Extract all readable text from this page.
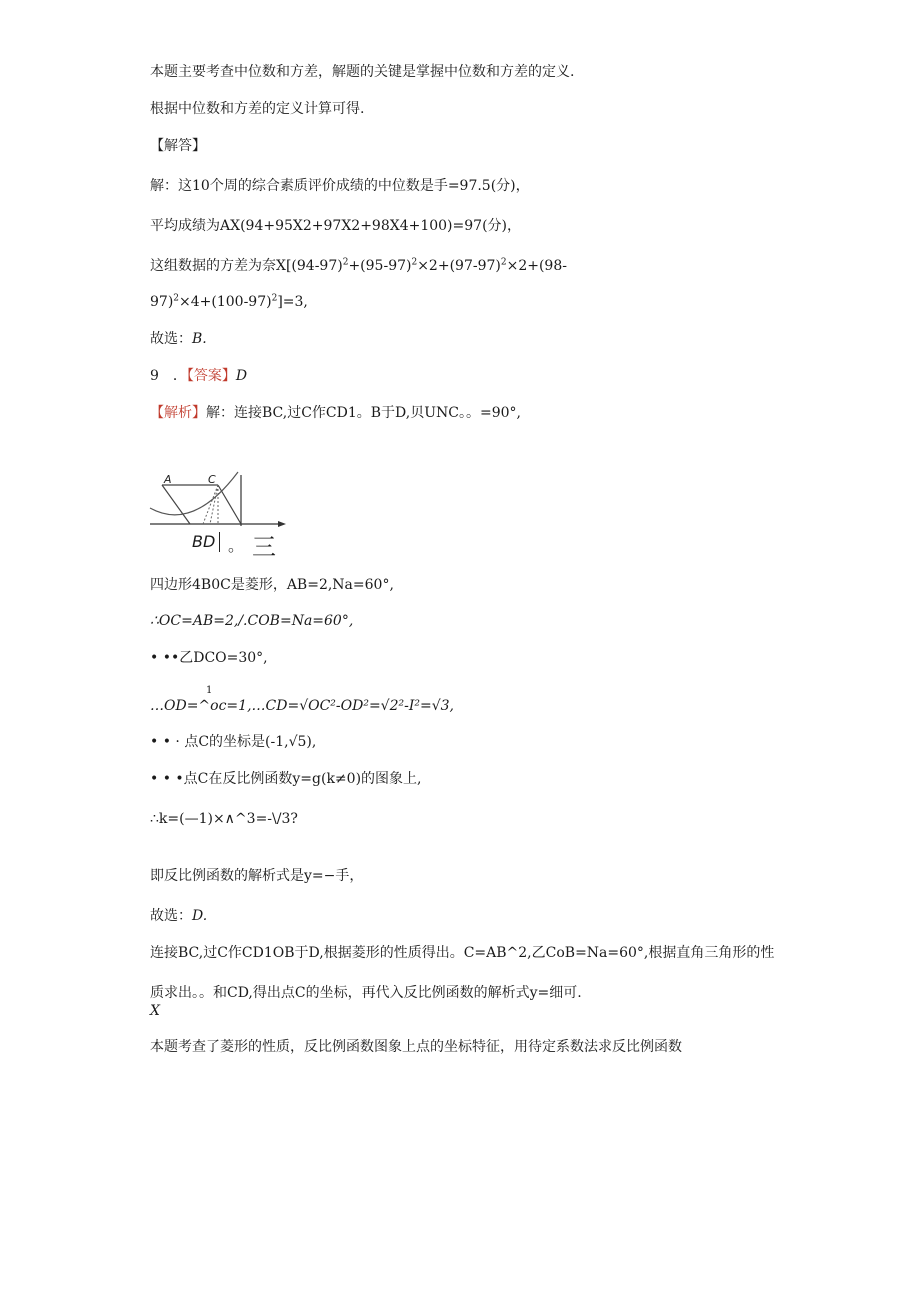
本题主要考查中位数和方差，解题的关键是掌握中位数和方差的定义.
根据中位数和方差的定义计算可得.
【解答】
解：这10个周的综合素质评价成绩的中位数是手=97.5(分)，
平均成绩为AX(94+95X2+97X2+98X4+100)=97(分)，
这组数据的方差为奈$X[(94-97)^2+(95-97)^2\times 2+(97-97)^2\times 2+(98-$
$97)^2\times 4+(100-97)^2]=3$,
故选：B.
9　．【答案】D
【解析】解：连接BC,过C作CD1。B于D,贝UNC。。=90°,
A	C
BD 。 三
四边形4B0C是菱形，AB=2,Na=60°,
∴OC=AB=2,/.COB=Na=60°,
• ••乙DCO=30°,
1
…OD=^oc=1,…CD=√OC²-OD²=√2²-I²=√3,
• • · 点C的坐标是(-1,√5),
• • •点C在反比例函数y=g(k≠0)的图象上,
∴k=(—1)×∧^3=-\/3?
即反比例函数的解析式是y=−手，
故选：D.
连接BC,过C作CD1OB于D,根据菱形的性质得出。C=AB^2,乙CoB=Na=60°,根据直角三角形的性
质求出。。和CD,得出点C的坐标，再代入反比例函数的解析式y=细可.
X
本题考查了菱形的性质，反比例函数图象上点的坐标特征，用待定系数法求反比例函数
